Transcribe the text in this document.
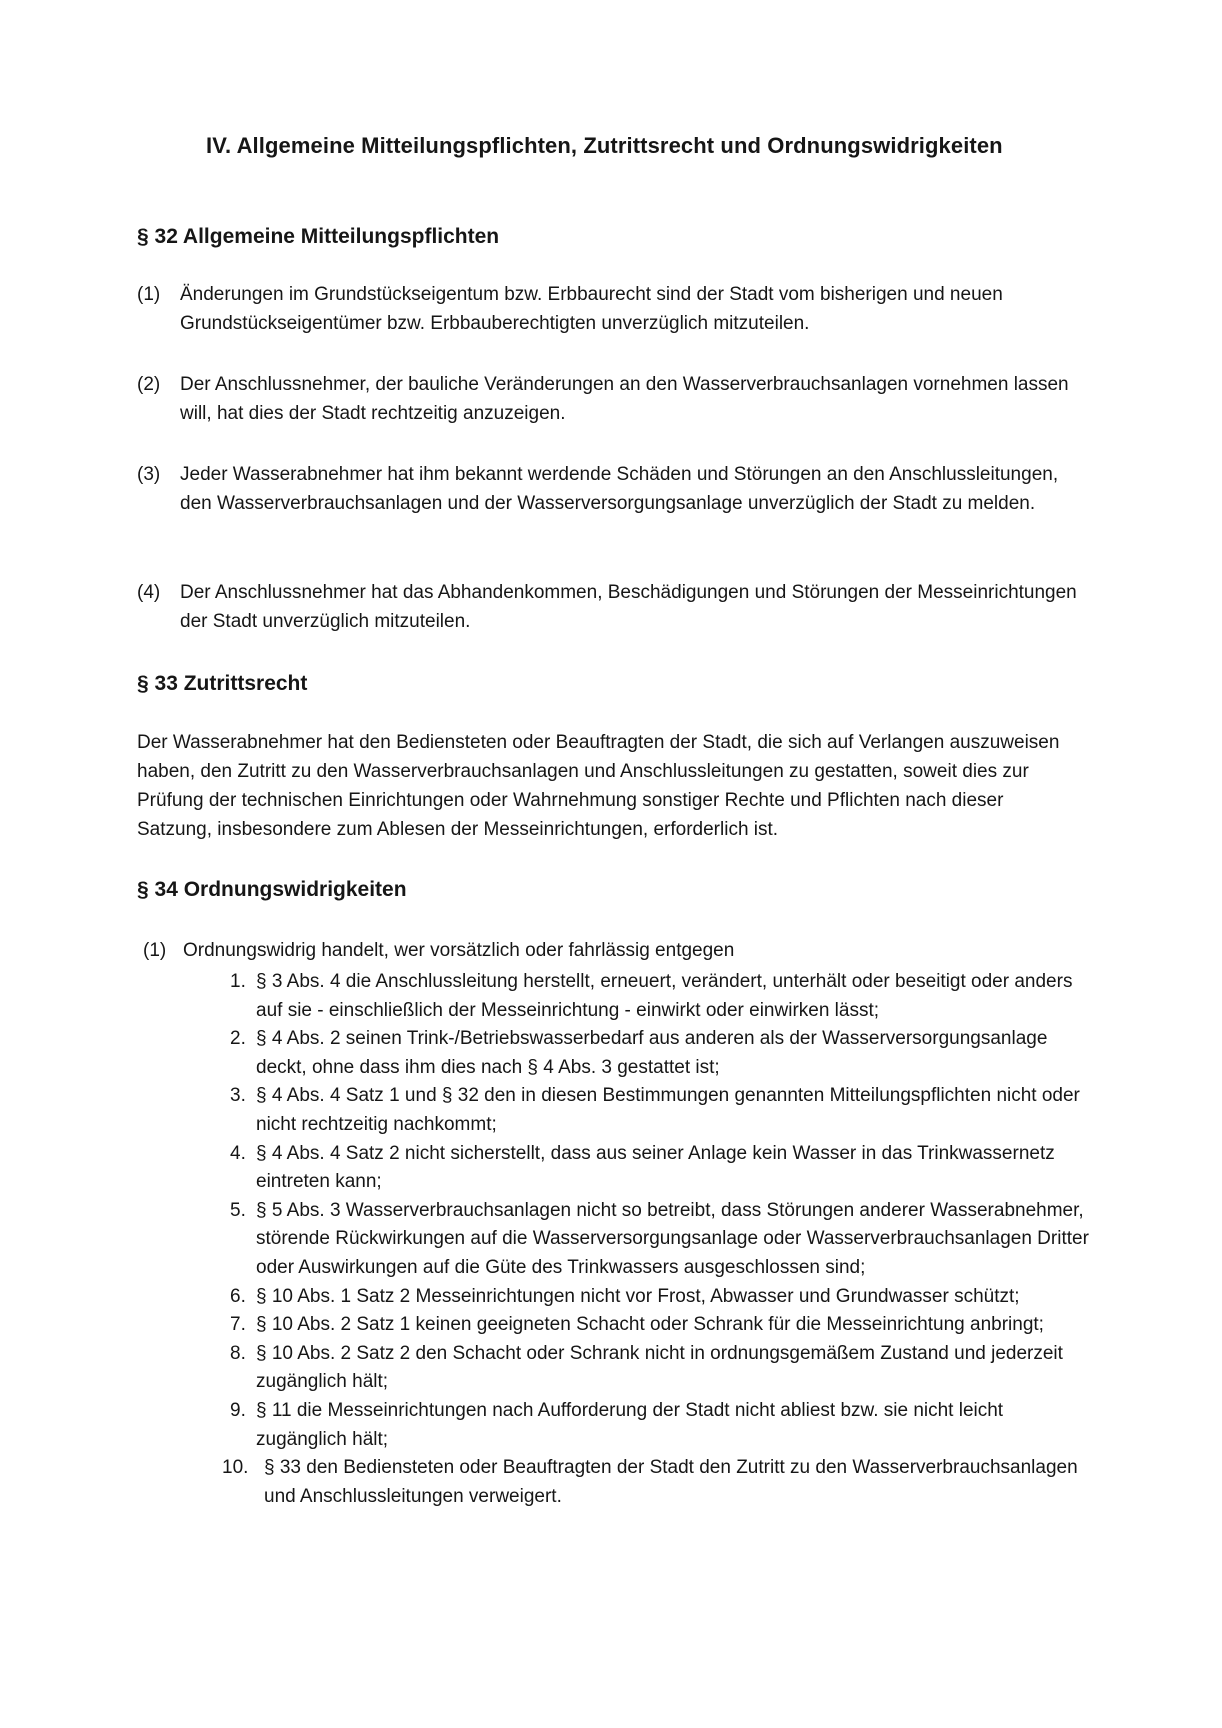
IV. Allgemeine Mitteilungspflichten, Zutrittsrecht und Ordnungswidrigkeiten
§ 32 Allgemeine Mitteilungspflichten
(1) Änderungen im Grundstückseigentum bzw. Erbbaurecht sind der Stadt vom bisherigen und neuen Grundstückseigentümer bzw. Erbbauberechtigten unverzüglich mitzuteilen.
(2) Der Anschlussnehmer, der bauliche Veränderungen an den Wasserverbrauchsanlagen vornehmen lassen will, hat dies der Stadt rechtzeitig anzuzeigen.
(3) Jeder Wasserabnehmer hat ihm bekannt werdende Schäden und Störungen an den Anschlussleitungen, den Wasserverbrauchsanlagen und der Wasserversorgungsanlage unverzüglich der Stadt zu melden.
(4) Der Anschlussnehmer hat das Abhandenkommen, Beschädigungen und Störungen der Messeinrichtungen der Stadt unverzüglich mitzuteilen.
§ 33 Zutrittsrecht
Der Wasserabnehmer hat den Bediensteten oder Beauftragten der Stadt, die sich auf Verlangen auszuweisen haben, den Zutritt zu den Wasserverbrauchsanlagen und Anschlussleitungen zu gestatten, soweit dies zur Prüfung der technischen Einrichtungen oder Wahrnehmung sonstiger Rechte und Pflichten nach dieser Satzung, insbesondere zum Ablesen der Messeinrichtungen, erforderlich ist.
§ 34 Ordnungswidrigkeiten
(1) Ordnungswidrig handelt, wer vorsätzlich oder fahrlässig entgegen
1. § 3 Abs. 4 die Anschlussleitung herstellt, erneuert, verändert, unterhält oder beseitigt oder anders auf sie - einschließlich der Messeinrichtung - einwirkt oder einwirken lässt;
2. § 4 Abs. 2 seinen Trink-/Betriebswasserbedarf aus anderen als der Wasserversorgungsanlage deckt, ohne dass ihm dies nach § 4 Abs. 3 gestattet ist;
3. § 4 Abs. 4 Satz 1 und § 32 den in diesen Bestimmungen genannten Mitteilungspflichten nicht oder nicht rechtzeitig nachkommt;
4. § 4 Abs. 4 Satz 2 nicht sicherstellt, dass aus seiner Anlage kein Wasser in das Trinkwassernetz eintreten kann;
5. § 5 Abs. 3 Wasserverbrauchsanlagen nicht so betreibt, dass Störungen anderer Wasserabnehmer, störende Rückwirkungen auf die Wasserversorgungsanlage oder Wasserverbrauchsanlagen Dritter oder Auswirkungen auf die Güte des Trinkwassers ausgeschlossen sind;
6. § 10 Abs. 1 Satz 2 Messeinrichtungen nicht vor Frost, Abwasser und Grundwasser schützt;
7. § 10 Abs. 2 Satz 1 keinen geeigneten Schacht oder Schrank für die Messeinrichtung anbringt;
8. § 10 Abs. 2 Satz 2 den Schacht oder Schrank nicht in ordnungsgemäßem Zustand und jederzeit zugänglich hält;
9. § 11 die Messeinrichtungen nach Aufforderung der Stadt nicht abliest bzw. sie nicht leicht zugänglich hält;
10. § 33 den Bediensteten oder Beauftragten der Stadt den Zutritt zu den Wasserverbrauchsanlagen und Anschlussleitungen verweigert.
